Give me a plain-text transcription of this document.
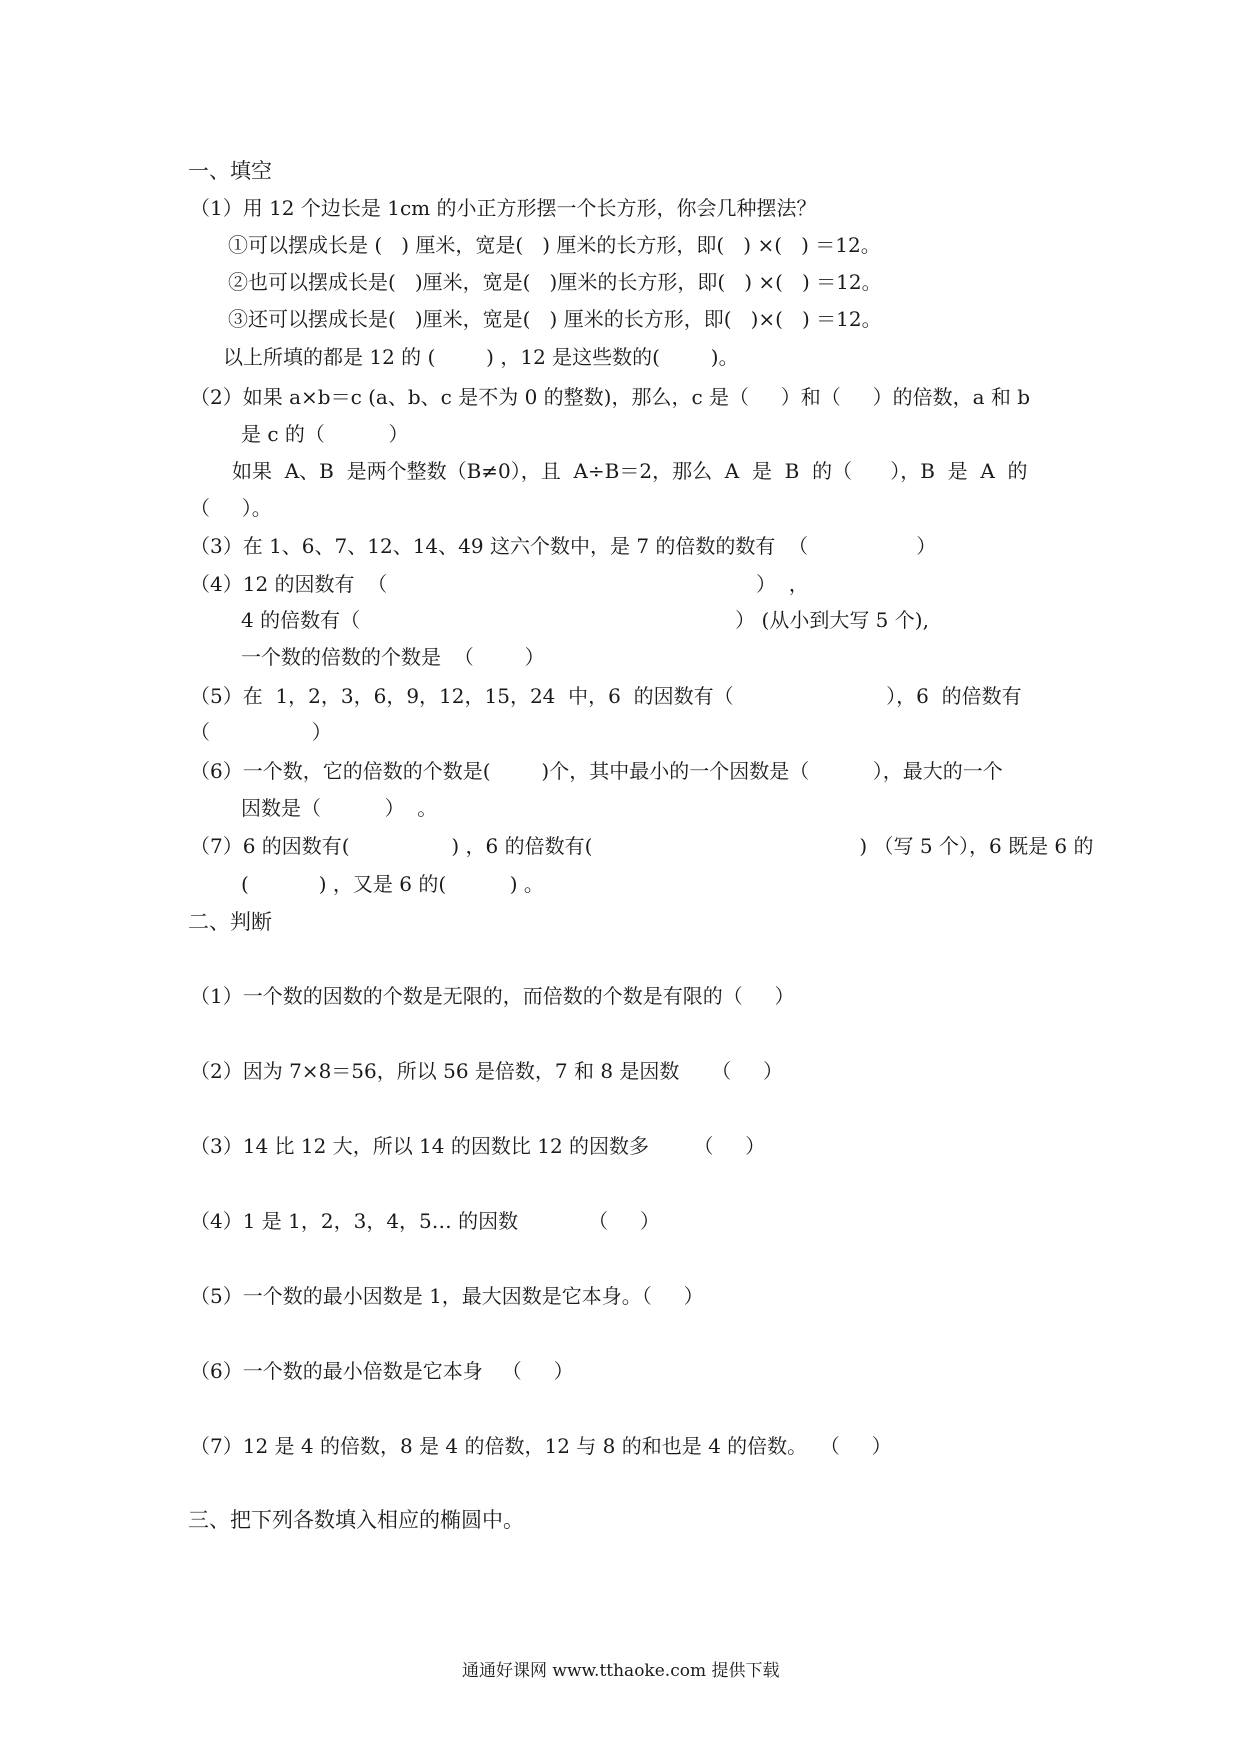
一、填空
（1）用 12 个边长是 1cm 的小正方形摆一个长方形，你会几种摆法？
①可以摆成长是 (   ) 厘米，宽是(   ) 厘米的长方形，即(   ) ×(   ) ＝12。
②也可以摆成长是(   )厘米，宽是(   )厘米的长方形，即(   ) ×(   ) ＝12。
③还可以摆成长是(   )厘米，宽是(   ) 厘米的长方形，即(   )×(   ) ＝12。
以上所填的都是 12 的 (        ) ，12 是这些数的(        )。
（2）如果 a×b＝c (a、b、c 是不为 0 的整数)，那么，c 是（     ）和（     ）的倍数，a 和 b
是 c 的（          ）
如果  A、B  是两个整数（B≠0），且  A÷B＝2，那么  A  是  B  的（      ），B  是  A  的
（     ）。
（3）在 1、6、7、12、14、49 这六个数中，是 7 的倍数的数有  （                 ）
（4）12 的因数有  （                                                          ）  ，
4 的倍数有（                                                           ） (从小到大写 5 个),
一个数的倍数的个数是  （        ）
（5）在  1，2，3，6，9，12，15，24  中，6  的因数有（                        ），6  的倍数有
（                ）
（6）一个数，它的倍数的个数是(        )个，其中最小的一个因数是（          ），最大的一个
因数是（          ）  。
（7）6 的因数有(                ) ，6 的倍数有(                                          ) （写 5 个），6 既是 6 的
(           ) ，又是 6 的(          ) 。
二、判断
（1）一个数的因数的个数是无限的，而倍数的个数是有限的（     ）
（2）因为 7×8＝56，所以 56 是倍数，7 和 8 是因数     （     ）
（3）14 比 12 大，所以 14 的因数比 12 的因数多       （     ）
（4）1 是 1，2，3，4，5… 的因数           （     ）
（5）一个数的最小因数是 1，最大因数是它本身。（     ）
（6）一个数的最小倍数是它本身   （     ）
（7）12 是 4 的倍数，8 是 4 的倍数，12 与 8 的和也是 4 的倍数。  （     ）
三、把下列各数填入相应的椭圆中。
通通好课网 www.tthaoke.com 提供下载
